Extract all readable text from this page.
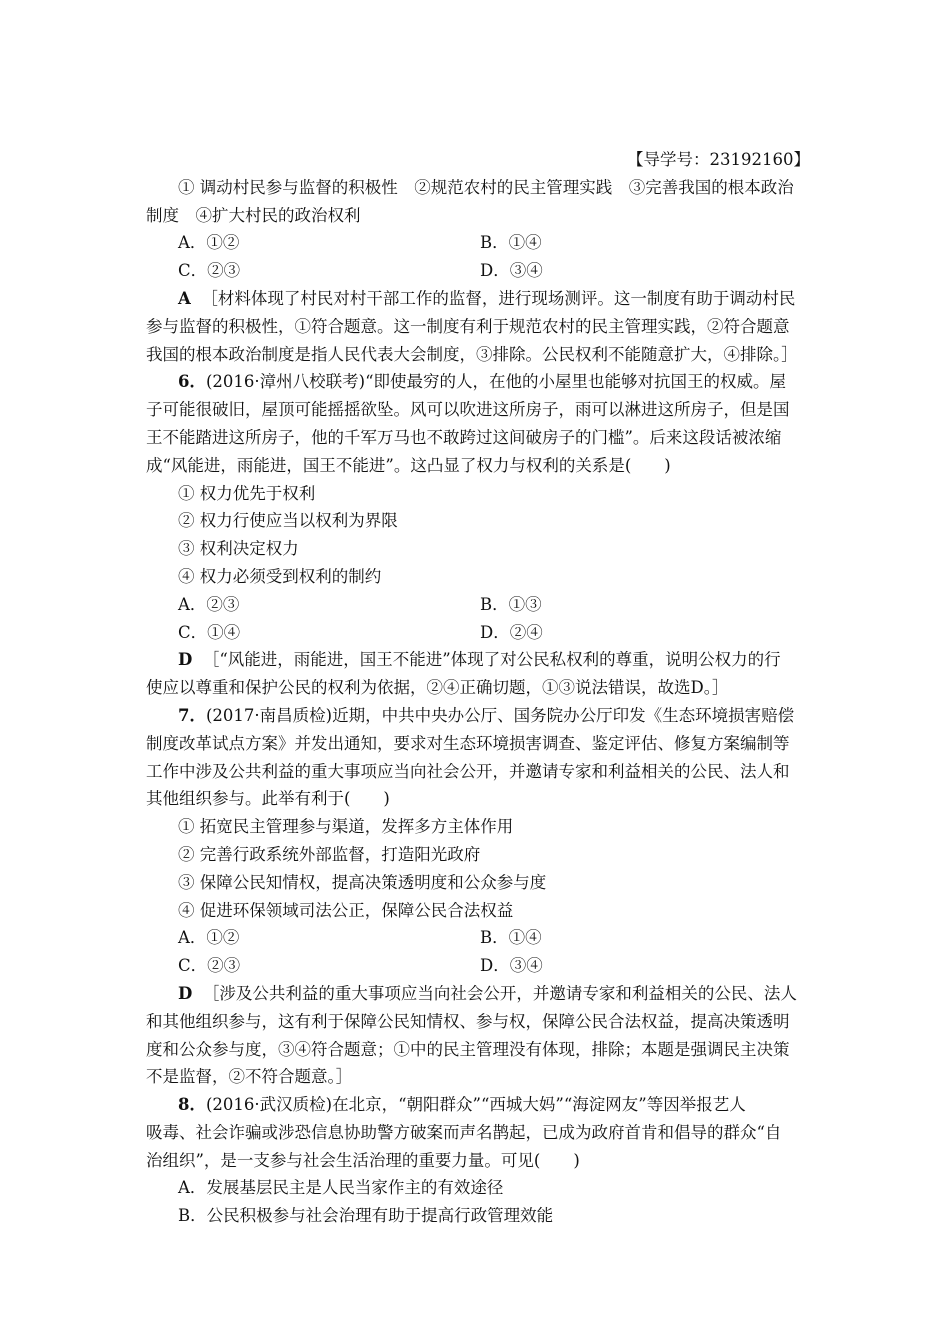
【导学号：23192160】
① 调动村民参与监督的积极性　②规范农村的民主管理实践　③完善我国的根本政治
制度　④扩大村民的政治权利
A．①②	B．①④
C．②③	D．③④
A ［材料体现了村民对村干部工作的监督，进行现场测评。这一制度有助于调动村民
参与监督的积极性，①符合题意。这一制度有利于规范农村的民主管理实践，②符合题意
我国的根本政治制度是指人民代表大会制度，③排除。公民权利不能随意扩大，④排除。］
6．(2016·漳州八校联考)“即使最穷的人，在他的小屋里也能够对抗国王的权威。屋
子可能很破旧，屋顶可能摇摇欲坠。风可以吹进这所房子，雨可以淋进这所房子，但是国
王不能踏进这所房子，他的千军万马也不敢跨过这间破房子的门槛”。后来这段话被浓缩
成“风能进，雨能进，国王不能进”。这凸显了权力与权利的关系是(　　)
① 权力优先于权利
② 权力行使应当以权利为界限
③ 权利决定权力
④ 权力必须受到权利的制约
A．②③	B．①③
C．①④	D．②④
D ［“风能进，雨能进，国王不能进”体现了对公民私权利的尊重，说明公权力的行
使应以尊重和保护公民的权利为依据，②④正确切题，①③说法错误，故选D。］
7．(2017·南昌质检)近期，中共中央办公厅、国务院办公厅印发《生态环境损害赔偿
制度改革试点方案》并发出通知，要求对生态环境损害调查、鉴定评估、修复方案编制等
工作中涉及公共利益的重大事项应当向社会公开，并邀请专家和利益相关的公民、法人和
其他组织参与。此举有利于(　　)
① 拓宽民主管理参与渠道，发挥多方主体作用
② 完善行政系统外部监督，打造阳光政府
③ 保障公民知情权，提高决策透明度和公众参与度
④ 促进环保领域司法公正，保障公民合法权益
A．①②	B．①④
C．②③	D．③④
D ［涉及公共利益的重大事项应当向社会公开，并邀请专家和利益相关的公民、法人
和其他组织参与，这有利于保障公民知情权、参与权，保障公民合法权益，提高决策透明
度和公众参与度，③④符合题意；①中的民主管理没有体现，排除；本题是强调民主决策
不是监督，②不符合题意。］
8．(2016·武汉质检)在北京，“朝阳群众”“西城大妈”“海淀网友”等因举报艺人
吸毒、社会诈骗或涉恐信息协助警方破案而声名鹊起，已成为政府首肯和倡导的群众“自
治组织”，是一支参与社会生活治理的重要力量。可见(　　)
A．发展基层民主是人民当家作主的有效途径
B．公民积极参与社会治理有助于提高行政管理效能
